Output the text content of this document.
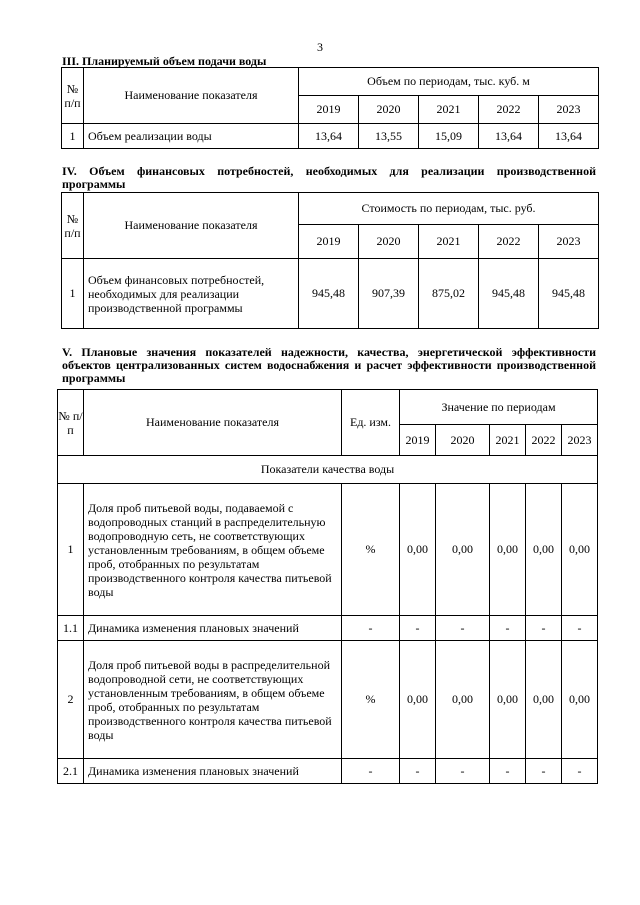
3
III. Планируемый объем подачи воды
№ п/п	Наименование показателя	Объем по периодам, тыс. куб. м				
		2019	2020	2021	2022	2023
1	Объем реализации воды	13,64	13,55	15,09	13,64	13,64
IV. Объем финансовых потребностей, необходимых для реализации производственной программы
№ п/п	Наименование показателя	Стоимость по периодам, тыс. руб.				
		2019	2020	2021	2022	2023
1	Объем финансовых потребностей, необходимых для реализации производственной программы	945,48	907,39	875,02	945,48	945,48
V. Плановые значения показателей надежности, качества, энергетической эффективности объектов централизованных систем водоснабжения и расчет эффективности производственной программы
№ п/п	Наименование показателя	Ед. изм.	Значение по периодам				
			2019	2020	2021	2022	2023
Показатели качества воды							
1	Доля проб питьевой воды, подаваемой с водопроводных станций в распределительную водопроводную сеть, не соответствующих установленным требованиям, в общем объеме проб, отобранных по результатам производственного контроля качества питьевой воды	%	0,00	0,00	0,00	0,00	0,00
1.1	Динамика изменения плановых значений	-	-	-	-	-	-
2	Доля проб питьевой воды в распределительной водопроводной сети, не соответствующих установленным требованиям, в общем объеме проб, отобранных по результатам производственного контроля качества питьевой воды	%	0,00	0,00	0,00	0,00	0,00
2.1	Динамика изменения плановых значений	-	-	-	-	-	-
